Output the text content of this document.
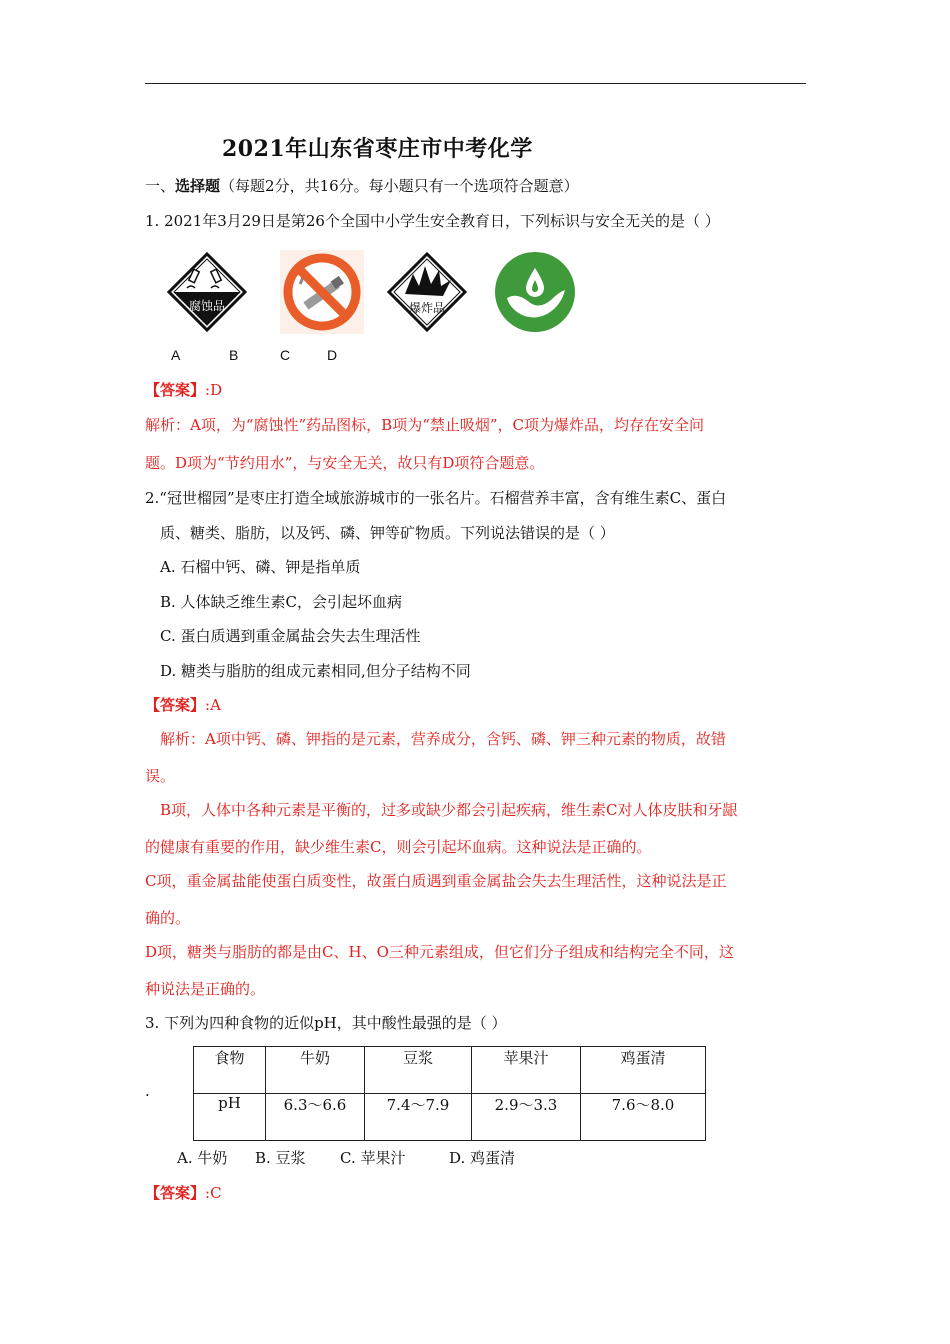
2021年山东省枣庄市中考化学
一、选择题（每题2分，共16分。每小题只有一个选项符合题意）
1. 2021年3月29日是第26个全国中小学生安全教育日，下列标识与安全无关的是（ ）
腐蚀品	爆炸品
A	B	C	D
【答案】:D
解析：A项，为“腐蚀性”药品图标，B项为“禁止吸烟”，C项为爆炸品，均存在安全问
题。D项为“节约用水”，与安全无关，故只有D项符合题意。
2.“冠世榴园”是枣庄打造全域旅游城市的一张名片。石榴营养丰富，含有维生素C、蛋白
质、糖类、脂肪，以及钙、磷、钾等矿物质。下列说法错误的是（ ）
A. 石榴中钙、磷、钾是指单质
B. 人体缺乏维生素C，会引起坏血病
C. 蛋白质遇到重金属盐会失去生理活性
D. 糖类与脂肪的组成元素相同,但分子结构不同
【答案】:A
解析：A项中钙、磷、钾指的是元素，营养成分，含钙、磷、钾三种元素的物质，故错
误。
B项，人体中各种元素是平衡的，过多或缺少都会引起疾病，维生素C对人体皮肤和牙龈
的健康有重要的作用，缺少维生素C，则会引起坏血病。这种说法是正确的。
C项，重金属盐能使蛋白质变性，故蛋白质遇到重金属盐会失去生理活性，这种说法是正
确的。
D项，糖类与脂肪的都是由C、H、O三种元素组成，但它们分子组成和结构完全不同，这
种说法是正确的。
3. 下列为四种食物的近似pH，其中酸性最强的是（ ）
.
食物	牛奶	豆浆	苹果汁	鸡蛋清
pH	6.3～6.6	7.4～7.9	2.9～3.3	7.6～8.0
A. 牛奶 B. 豆浆 C. 苹果汁	D. 鸡蛋清
【答案】:C
